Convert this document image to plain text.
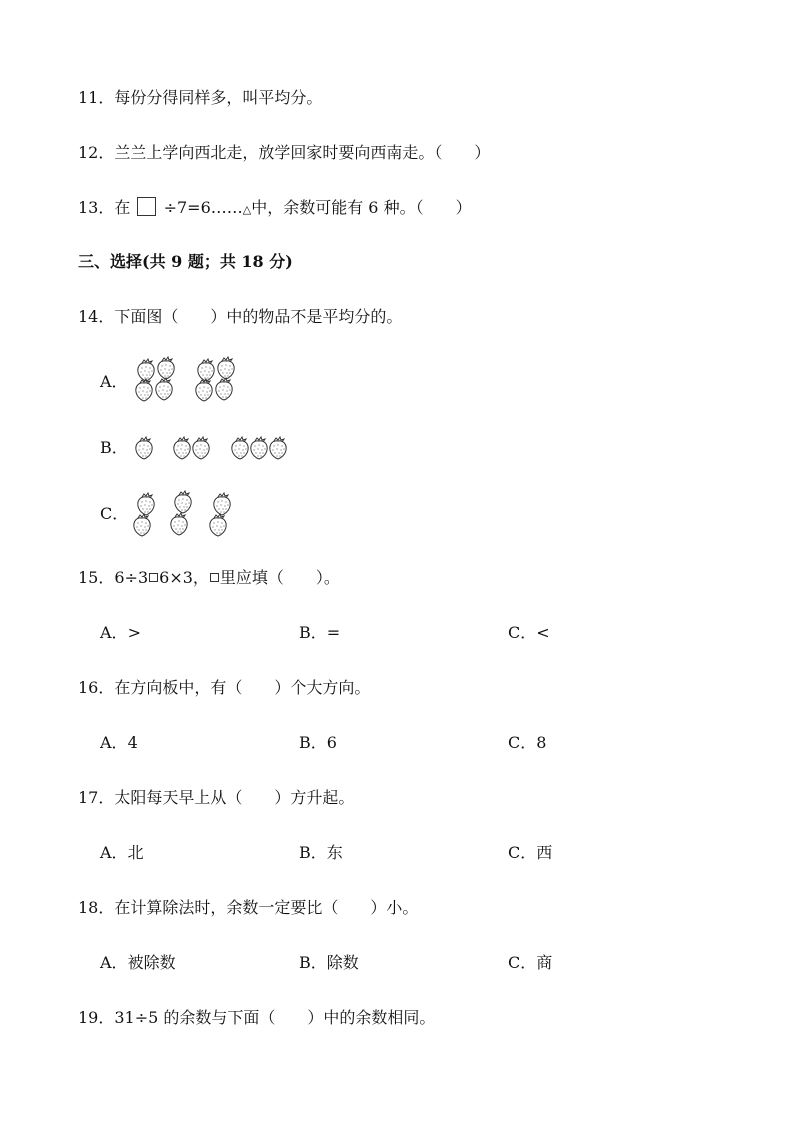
11．每份分得同样多，叫平均分。
12．兰兰上学向西北走，放学回家时要向西南走。（　　）
13．在 ÷7=6……△中，余数可能有 6 种。（　　）
三、选择(共 9 题；共 18 分)
14．下面图（　　）中的物品不是平均分的。
A．
B．
C．
15．6÷3 6×3， 里应填（　　）。
A．>	B．=	C．<
16．在方向板中，有（　　）个大方向。
A．4	B．6	C．8
17．太阳每天早上从（　　）方升起。
A．北	B．东	C．西
18．在计算除法时，余数一定要比（　　）小。
A．被除数	B．除数	C．商
19．31÷5 的余数与下面（　　）中的余数相同。
